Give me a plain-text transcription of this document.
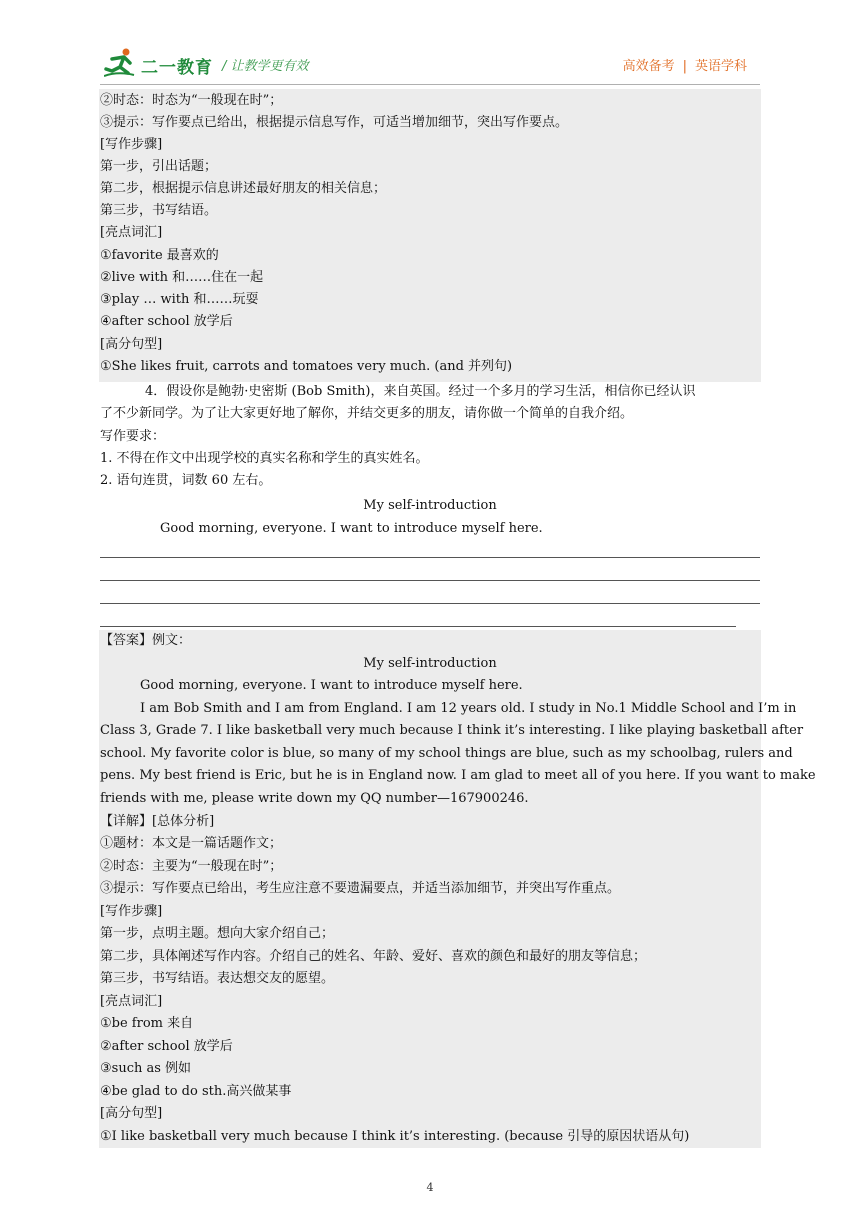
二一教育 / 让教学更有效	高效备考 | 英语学科
②时态：时态为“一般现在时”；
③提示：写作要点已给出，根据提示信息写作，可适当增加细节，突出写作要点。
[写作步骤]
第一步，引出话题；
第二步，根据提示信息讲述最好朋友的相关信息；
第三步，书写结语。
[亮点词汇]
①favorite 最喜欢的
②live with 和……住在一起
③play … with 和……玩耍
④after school 放学后
[高分句型]
①She likes fruit, carrots and tomatoes very much. (and 并列句)
4．假设你是鲍勃·史密斯 (Bob Smith)，来自英国。经过一个多月的学习生活，相信你已经认识
了不少新同学。为了让大家更好地了解你，并结交更多的朋友，请你做一个简单的自我介绍。
写作要求：
1. 不得在作文中出现学校的真实名称和学生的真实姓名。
2. 语句连贯，词数 60 左右。
My self-introduction
Good morning, everyone. I want to introduce myself here.
【答案】例文：
My self-introduction
Good morning, everyone. I want to introduce myself here.
I am Bob Smith and I am from England. I am 12 years old. I study in No.1 Middle School and I’m in
Class 3, Grade 7. I like basketball very much because I think it’s interesting. I like playing basketball after
school. My favorite color is blue, so many of my school things are blue, such as my schoolbag, rulers and
pens. My best friend is Eric, but he is in England now. I am glad to meet all of you here. If you want to make
friends with me, please write down my QQ number—167900246.
【详解】[总体分析]
①题材：本文是一篇话题作文；
②时态：主要为“一般现在时”；
③提示：写作要点已给出，考生应注意不要遗漏要点，并适当添加细节，并突出写作重点。
[写作步骤]
第一步，点明主题。想向大家介绍自己；
第二步，具体阐述写作内容。介绍自己的姓名、年龄、爱好、喜欢的颜色和最好的朋友等信息；
第三步，书写结语。表达想交友的愿望。
[亮点词汇]
①be from 来自
②after school 放学后
③such as 例如
④be glad to do sth.高兴做某事
[高分句型]
①I like basketball very much because I think it’s interesting. (because 引导的原因状语从句)
4
